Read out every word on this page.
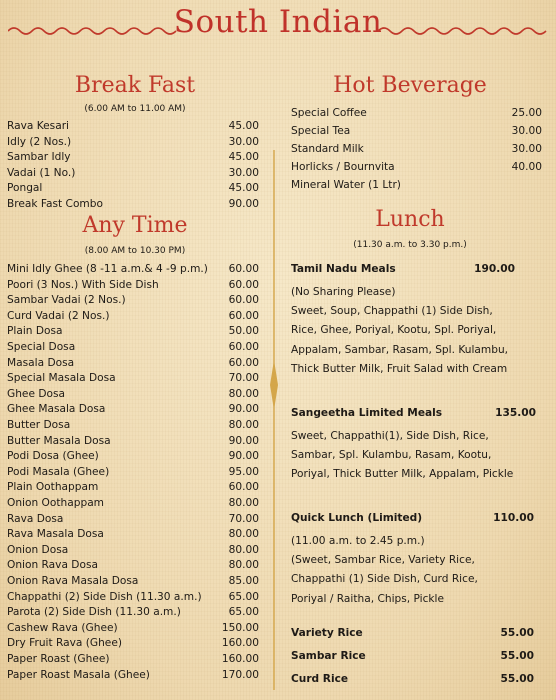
South Indian
Break Fast
(6.00 AM to 11.00 AM)
Rava Kesari	45.00
Idly (2 Nos.)	30.00
Sambar Idly	45.00
Vadai (1 No.)	30.00
Pongal	45.00
Break Fast Combo	90.00
Any Time
(8.00 AM to 10.30 PM)
Mini Idly Ghee (8 -11 a.m.& 4 -9 p.m.)	60.00
Poori (3 Nos.) With Side Dish	60.00
Sambar Vadai (2 Nos.)	60.00
Curd Vadai (2 Nos.)	60.00
Plain Dosa	50.00
Special Dosa	60.00
Masala Dosa	60.00
Special Masala Dosa	70.00
Ghee Dosa	80.00
Ghee Masala Dosa	90.00
Butter Dosa	80.00
Butter Masala Dosa	90.00
Podi Dosa (Ghee)	90.00
Podi Masala (Ghee)	95.00
Plain Oothappam	60.00
Onion Oothappam	80.00
Rava Dosa	70.00
Rava Masala Dosa	80.00
Onion Dosa	80.00
Onion Rava Dosa	80.00
Onion Rava Masala Dosa	85.00
Chappathi (2) Side Dish (11.30 a.m.)	65.00
Parota (2) Side Dish (11.30 a.m.)	65.00
Cashew Rava (Ghee)	150.00
Dry Fruit Rava (Ghee)	160.00
Paper Roast (Ghee)	160.00
Paper Roast Masala (Ghee)	170.00
Hot Beverage
Special Coffee	25.00
Special Tea	30.00
Standard Milk	30.00
Horlicks / Bournvita	40.00
Mineral Water (1 Ltr)
Lunch
(11.30 a.m. to 3.30 p.m.)
Tamil Nadu Meals	190.00
(No Sharing Please)
Sweet, Soup, Chappathi (1) Side Dish,
Rice, Ghee, Poriyal, Kootu, Spl. Poriyal,
Appalam, Sambar, Rasam, Spl. Kulambu,
Thick Butter Milk, Fruit Salad with Cream
Sangeetha Limited Meals	135.00
Sweet, Chappathi(1), Side Dish, Rice,
Sambar, Spl. Kulambu, Rasam, Kootu,
Poriyal, Thick Butter Milk, Appalam, Pickle
Quick Lunch (Limited)	110.00
(11.00 a.m. to 2.45 p.m.)
(Sweet, Sambar Rice, Variety Rice,
Chappathi (1) Side Dish, Curd Rice,
Poriyal / Raitha, Chips, Pickle
Variety Rice	55.00
Sambar Rice	55.00
Curd Rice	55.00
